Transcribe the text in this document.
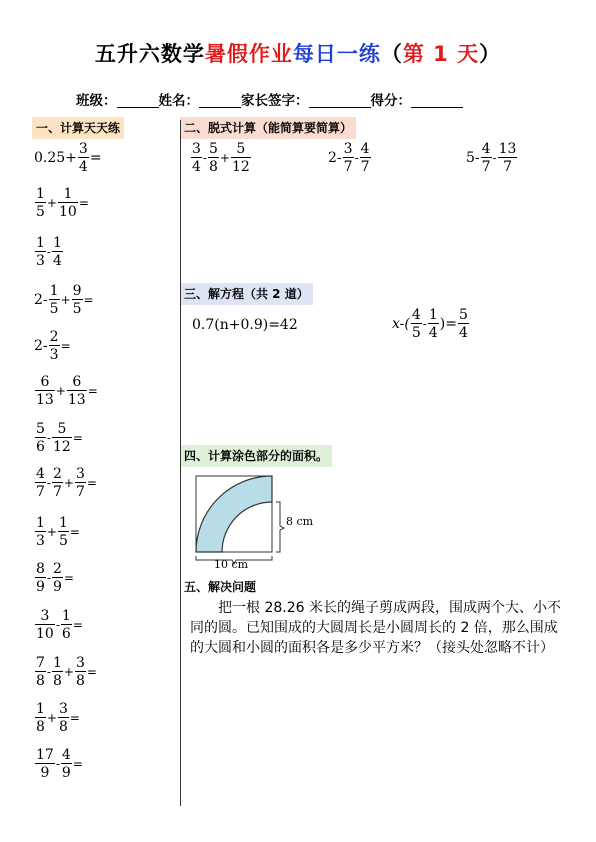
五升六数学暑假作业每日一练（第 1 天）
班级：	姓名：	家长签字：	得分：
一、计算天天练	二、脱式计算（能简算要简算）
三、解方程（共 2 道）
四、计算涂色部分的面积。
五、解决问题
$0.25+ \frac{3}{4}$ =
$\frac{1}{5} + \frac{1}{10}$ =
$\frac{1}{3} - \frac{1}{4}$
$2- \frac{1}{5} + \frac{9}{5}$ =
$2- \frac{2}{3}$ =
$\frac{6}{13} + \frac{6}{13}$ =
$\frac{5}{6} - \frac{5}{12}$ =
$\frac{4}{7} - \frac{2}{7} + \frac{3}{7}$ =
$\frac{1}{3} + \frac{1}{5}$ =
$\frac{8}{9} - \frac{2}{9}$ =
$\frac{3}{10} - \frac{1}{6}$ =
$\frac{7}{8} - \frac{1}{8} + \frac{3}{8}$ =
$\frac{1}{8} + \frac{3}{8}$ =
$\frac{17}{9} - \frac{4}{9}$ =
$\frac{3}{4} - \frac{5}{8} + \frac{5}{12}$	$2- \frac{3}{7} - \frac{4}{7}$	$5- \frac{4}{7} - \frac{13}{7}$
0.7(n+0.9)=42	$x-( \frac{4}{5} - \frac{1}{4}$ )= $\frac{5}{4}$
8 cm
10 cm
把一根 28.26 米长的绳子剪成两段，围成两个大、小不同的圆。已知围成的大圆周长是小圆周长的 2 倍，那么围成的大圆和小圆的面积各是多少平方米？（接头处忽略不计）
